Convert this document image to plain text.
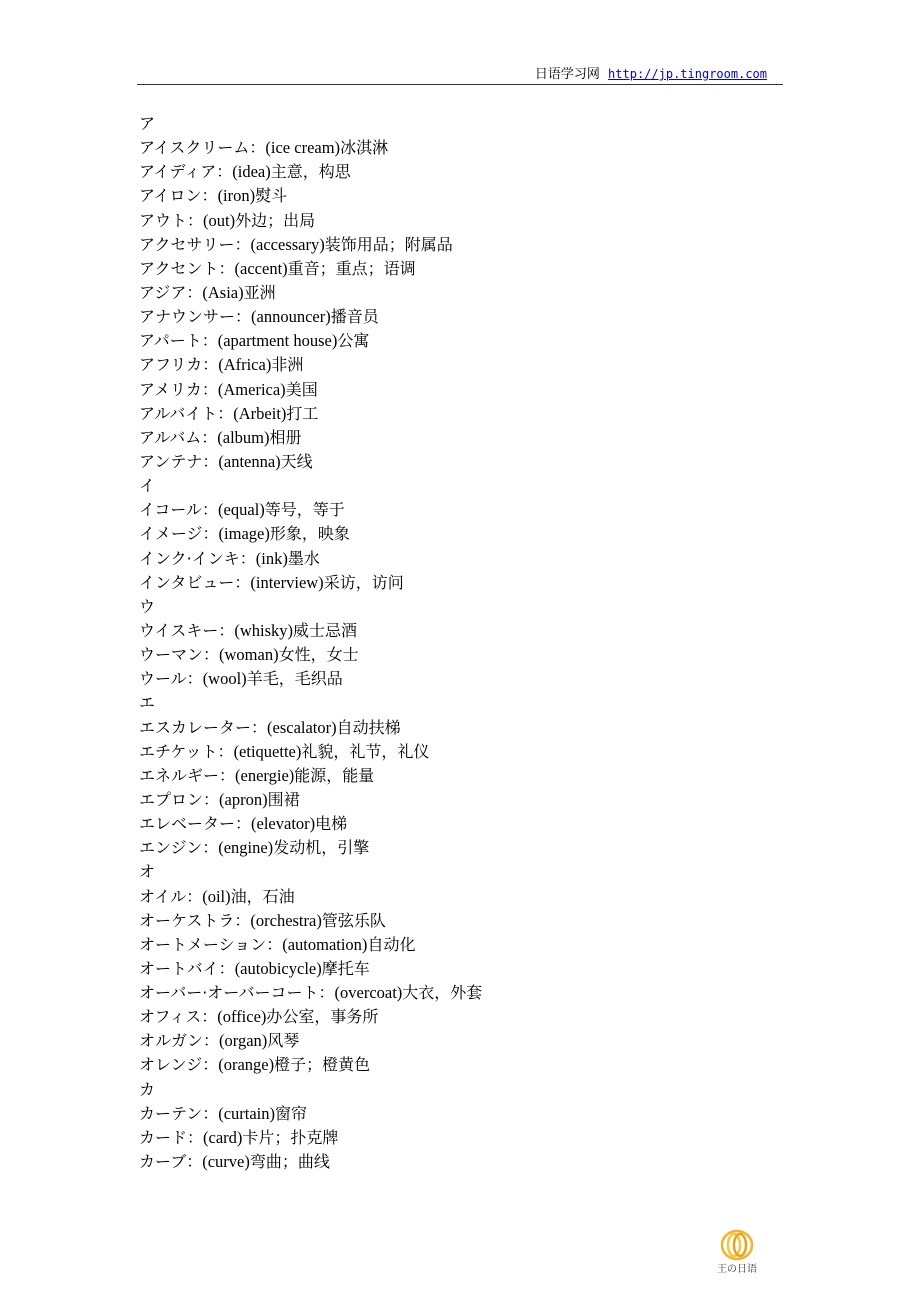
日语学习网 http://jp.tingroom.com
ア
アイスクリーム：(ice cream)冰淇淋
アイディア：(idea)主意，构思
アイロン：(iron)熨斗
アウト：(out)外边；出局
アクセサリー：(accessary)装饰用品；附属品
アクセント：(accent)重音；重点；语调
アジア：(Asia)亚洲
アナウンサー：(announcer)播音员
アパート：(apartment house)公寓
アフリカ：(Africa)非洲
アメリカ：(America)美国
アルバイト：(Arbeit)打工
アルバム：(album)相册
アンテナ：(antenna)天线
イ
イコール：(equal)等号，等于
イメージ：(image)形象，映象
インク·インキ：(ink)墨水
インタビュー：(interview)采访，访问
ウ
ウイスキー：(whisky)威士忌酒
ウーマン：(woman)女性，女士
ウール：(wool)羊毛，毛织品
エ
エスカレーター：(escalator)自动扶梯
エチケット：(etiquette)礼貌，礼节，礼仪
エネルギー：(energie)能源，能量
エプロン：(apron)围裙
エレベーター：(elevator)电梯
エンジン：(engine)发动机，引擎
オ
オイル：(oil)油，石油
オーケストラ：(orchestra)管弦乐队
オートメーション：(automation)自动化
オートバイ：(autobicycle)摩托车
オーバー·オーバーコート：(overcoat)大衣，外套
オフィス：(office)办公室，事务所
オルガン：(organ)风琴
オレンジ：(orange)橙子；橙黄色
カ
カーテン：(curtain)窗帘
カード：(card)卡片；扑克牌
カーブ：(curve)弯曲；曲线
王の日语
